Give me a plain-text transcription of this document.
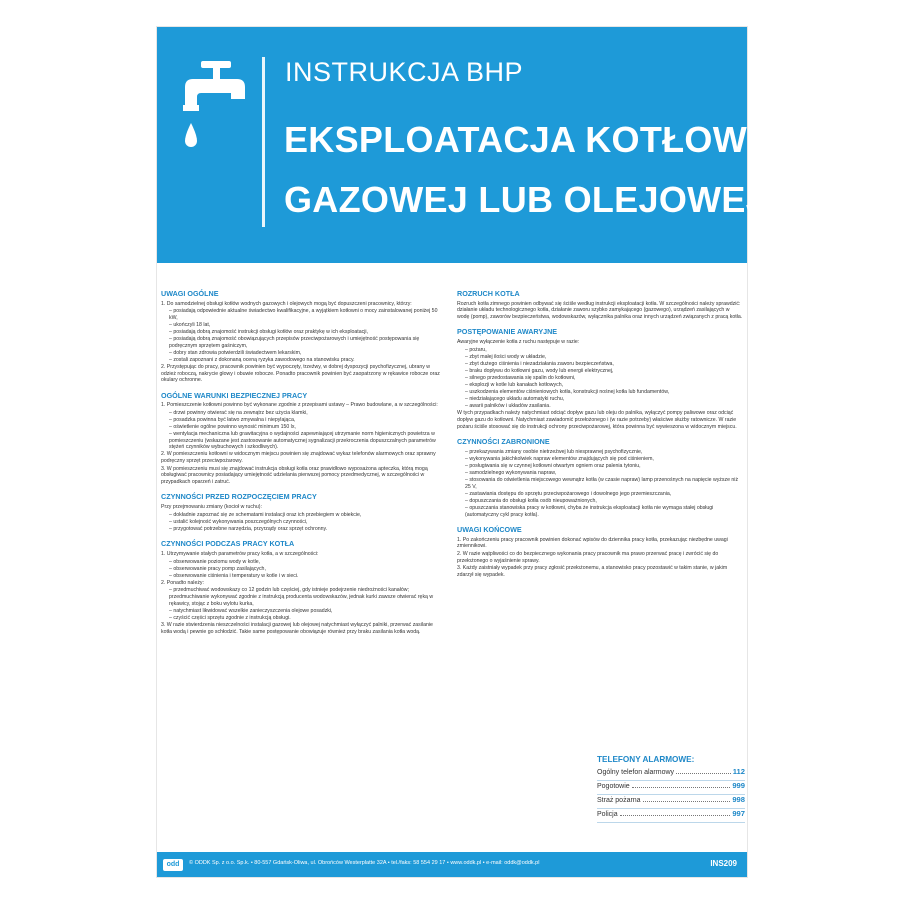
INSTRUKCJA BHP
EKSPLOATACJA KOTŁOWNI
GAZOWEJ LUB OLEJOWEJ
UWAGI OGÓLNE
1. Do samodzielnej obsługi kotłów wodnych gazowych i olejowych mogą być dopuszczeni pracownicy, którzy:
– posiadają odpowiednie aktualne świadectwo kwalifikacyjne, a wyjątkiem kotłowni o mocy zainstalowanej poniżej 50 kW,
– ukończyli 18 lat,
– posiadają dobrą znajomość instrukcji obsługi kotłów oraz praktykę w ich eksploatacji,
– posiadają dobrą znajomość obowiązujących przepisów przeciwpożarowych i umiejętność postępowania się podręcznym sprzętem gaśniczym,
– dobry stan zdrowia potwierdzili świadectwem lekarskim,
– zostali zapoznani z dokonaną oceną ryzyka zawodowego na stanowisku pracy.
2. Przystępując do pracy, pracownik powinien być wypoczęty, trzeźwy, w dobrej dyspozycji psychofizycznej, ubrany w odzież roboczą, nakrycie głowy i obuwie robocze. Ponadto pracownik powinien być zaopatrzony w rękawice robocze oraz okulary ochronne.
OGÓLNE WARUNKI BEZPIECZNEJ PRACY
1. Pomieszczenie kotłowni powinno być wykonane zgodnie z przepisami ustawy – Prawo budowlane, a w szczególności:
– drzwi powinny otwierać się na zewnątrz bez użycia klamki,
– posadzka powinna być łatwo zmywalna i niepylająca,
– oświetlenie ogólne powinno wynosić minimum 150 lx,
– wentylacja mechaniczna lub grawitacyjna o wydajności zapewniającej utrzymanie norm higienicznych powietrza w pomieszczeniu (wskazane jest zastosowanie automatycznej sygnalizacji przekroczenia dopuszczalnych parametrów stężeń czynników wybuchowych i szkodliwych).
2. W pomieszczeniu kotłowni w widocznym miejscu powinien się znajdować wykaz telefonów alarmowych oraz sprawny podręczny sprzęt przeciwpożarowy.
3. W pomieszczeniu musi się znajdować instrukcja obsługi kotła oraz prawidłowo wyposażona apteczka, którą mogą obsługiwać pracownicy posiadający umiejętność udzielania pierwszej pomocy przedmedycznej, w szczególności w przypadkach oparzeń i zatruć.
CZYNNOŚCI PRZED ROZPOCZĘCIEM PRACY
Przy przejmowaniu zmiany (kocioł w ruchu):
– dokładnie zapoznać się ze schematami instalacji oraz ich przebiegiem w obiekcie,
– ustalić kolejność wykonywania poszczególnych czynności,
– przygotować potrzebne narzędzia, przyrządy oraz sprzęt ochronny.
CZYNNOŚCI PODCZAS PRACY KOTŁA
1. Utrzymywanie stałych parametrów pracy kotła, a w szczególności:
– obserwowanie poziomu wody w kotle,
– obserwowanie pracy pomp zasilających,
– obserwowanie ciśnienia i temperatury w kotle i w sieci.
2. Ponadto należy:
– przedmuchiwać wodowskazy co 12 godzin lub częściej, gdy istnieje podejrzenie niedrożności kanałów; przedmuchiwanie wykonywać zgodnie z instrukcją producenta wodowskazów, jednak kurki zawsze otwierać ręką w rękawicy, stojąc z boku wylotu kurka,
– natychmiast likwidować wszelkie zanieczyszczenia olejowe posadzki,
– czyścić części sprzętu zgodnie z instrukcją obsługi.
3. W razie stwierdzenia nieszczelności instalacji gazowej lub olejowej natychmiast wyłączyć palniki, przerwać zasilanie kotła wodą i pewnie go schłodzić. Takie same postępowanie obowiązuje również przy braku zasilania kotła wodą.
ROZRUCH KOTŁA
Rozruch kotła zimnego powinien odbywać się ściśle według instrukcji eksploatacji kotła. W szczególności należy sprawdzić: działanie układu technologicznego kotła, działanie zaworu szybko zamykającego (gazowego), urządzeń zasilających w wodę (pomp), zaworów bezpieczeństwa, wodowskazów, wyłącznika palnika oraz innych urządzeń związanych z pracą kotła.
POSTĘPOWANIE AWARYJNE
Awaryjne wyłączenie kotła z ruchu następuje w razie:
– pożaru,
– zbyt małej ilości wody w układzie,
– zbyt dużego ciśnienia i niezadziałania zaworu bezpieczeństwa,
– braku dopływu do kotłowni gazu, wody lub energii elektrycznej,
– silnego przedostawania się spalin do kotłowni,
– eksplozji w kotle lub kanałach kotłowych,
– uszkodzenia elementów ciśnieniowych kotła, konstrukcji nośnej kotła lub fundamentów,
– niedziałającego układu automatyki ruchu,
– awarii palników i układów zasilania.
W tych przypadkach należy natychmiast odciąć dopływ gazu lub oleju do palnika, wyłączyć pompy paliwowe oraz odciąć dopływ gazu do kotłowni. Natychmiast zawiadomić przełożonego i (w razie potrzeby) właściwe służby ratownicze. W razie pożaru ściśle stosować się do instrukcji ochrony przeciwpożarowej, która powinna być wywieszona w widocznym miejscu.
CZYNNOŚCI ZABRONIONE
– przekazywania zmiany osobie nietrzeźwej lub niesprawnej psychofizycznie,
– wykonywania jakichkolwiek napraw elementów znajdujących się pod ciśnieniem,
– posługiwania się w czynnej kotłowni otwartym ogniem oraz palenia tytoniu,
– samodzielnego wykonywania napraw,
– stosowania do oświetlenia miejscowego wewnątrz kotła (w czasie napraw) lamp przenośnych na napięcie wyższe niż 25 V,
– zastawiania dostępu do sprzętu przeciwpożarowego i dowolnego jego przemieszczania,
– dopuszczania do obsługi kotła osób nieupoważnionych,
– opuszczania stanowiska pracy w kotłowni, chyba że instrukcja eksploatacji kotła nie wymaga stałej obsługi (automatyczny cykl pracy kotła).
UWAGI KOŃCOWE
1. Po zakończeniu pracy pracownik powinien dokonać wpisów do dziennika pracy kotła, przekazując niezbędne uwagi zmiennikowi.
2. W razie wątpliwości co do bezpiecznego wykonania pracy pracownik ma prawo przerwać pracę i zwrócić się do przełożonego o wyjaśnienie sprawy.
3. Każdy zaistniały wypadek przy pracy zgłosić przełożonemu, a stanowisko pracy pozostawić w takim stanie, w jakim zdarzył się wypadek.
TELEFONY ALARMOWE:
Ogólny telefon alarmowy	112
Pogotowie	999
Straż pożarna	998
Policja	997
odd	© ODDK Sp. z o.o. Sp.k. • 80-557 Gdańsk-Oliwa, ul. Obrońców Westerplatte 32A • tel./faks: 58 554 29 17 • www.oddk.pl • e-mail: oddk@oddk.pl	INS209
